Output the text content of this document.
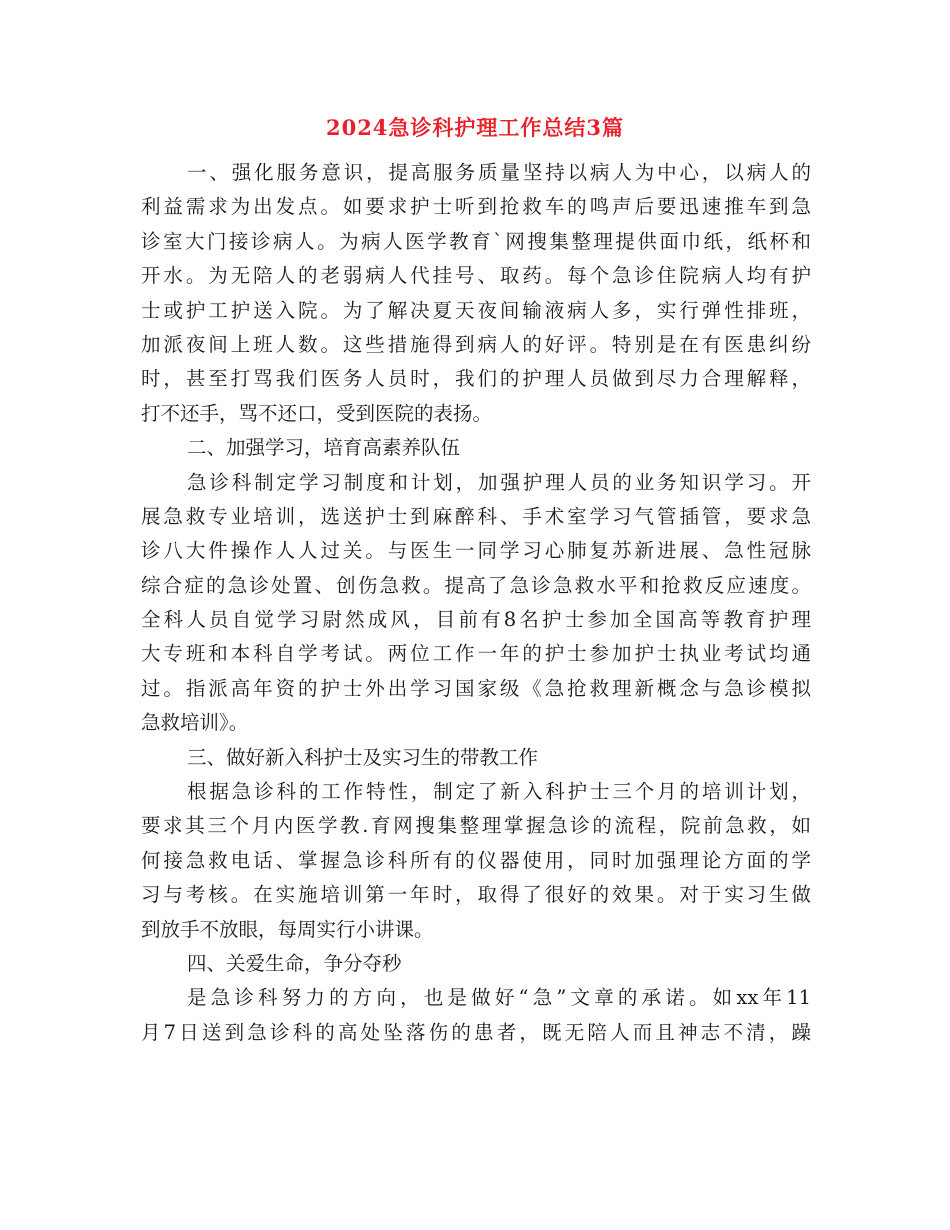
2024急诊科护理工作总结3篇
一、强化服务意识，提高服务质量坚持以病人为中心，以病人的
利益需求为出发点。如要求护士听到抢救车的鸣声后要迅速推车到急
诊室大门接诊病人。为病人医学教育`网搜集整理提供面巾纸，纸杯和
开水。为无陪人的老弱病人代挂号、取药。每个急诊住院病人均有护
士或护工护送入院。为了解决夏天夜间输液病人多，实行弹性排班，
加派夜间上班人数。这些措施得到病人的好评。特别是在有医患纠纷
时，甚至打骂我们医务人员时，我们的护理人员做到尽力合理解释，
打不还手，骂不还口，受到医院的表扬。
二、加强学习，培育高素养队伍
急诊科制定学习制度和计划，加强护理人员的业务知识学习。开
展急救专业培训，选送护士到麻醉科、手术室学习气管插管，要求急
诊八大件操作人人过关。与医生一同学习心肺复苏新进展、急性冠脉
综合症的急诊处置、创伤急救。提高了急诊急救水平和抢救反应速度。
全科人员自觉学习尉然成风，目前有8名护士参加全国高等教育护理
大专班和本科自学考试。两位工作一年的护士参加护士执业考试均通
过。指派高年资的护士外出学习国家级《急抢救理新概念与急诊模拟
急救培训》。
三、做好新入科护士及实习生的带教工作
根据急诊科的工作特性，制定了新入科护士三个月的培训计划，
要求其三个月内医学教.育网搜集整理掌握急诊的流程，院前急救，如
何接急救电话、掌握急诊科所有的仪器使用，同时加强理论方面的学
习与考核。在实施培训第一年时，取得了很好的效果。对于实习生做
到放手不放眼，每周实行小讲课。
四、关爱生命，争分夺秒
是急诊科努力的方向，也是做好“急”文章的承诺。如xx年11
月7日送到急诊科的高处坠落伤的患者，既无陪人而且神志不清，躁
